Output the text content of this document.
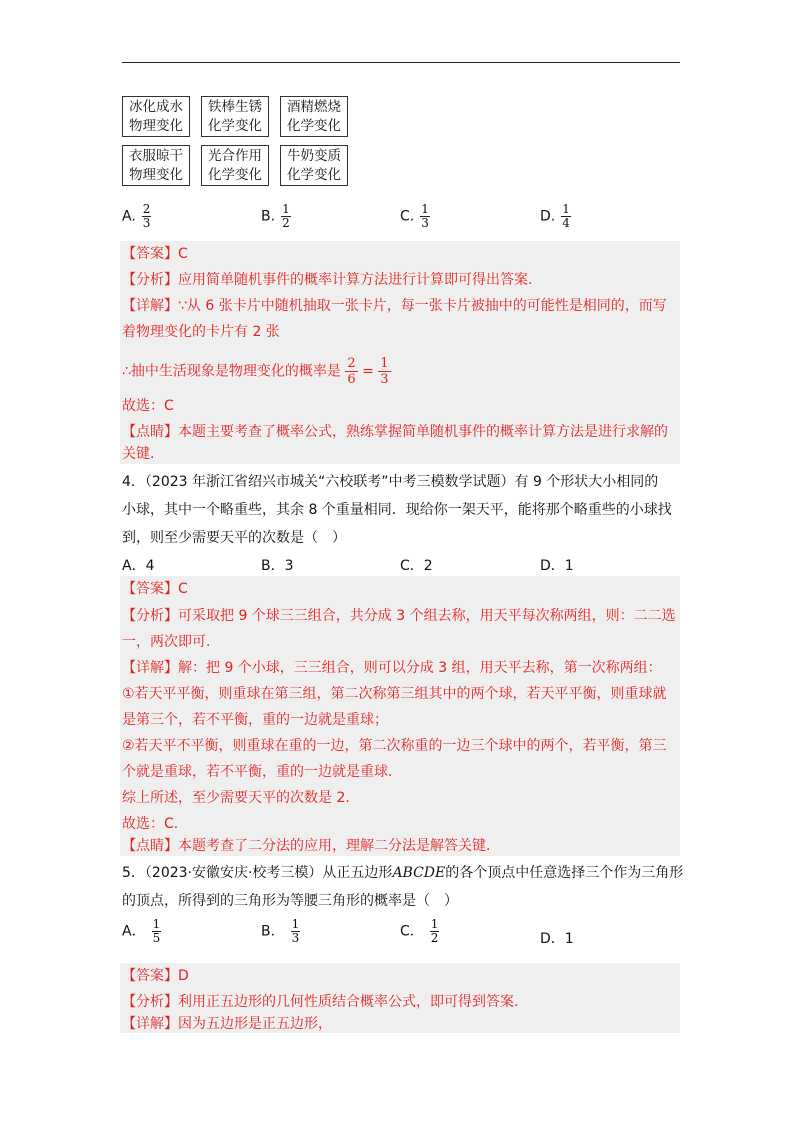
冰化成水
物理变化
铁棒生锈
化学变化
酒精燃烧
化学变化
衣服晾干
物理变化
光合作用
化学变化
牛奶变质
化学变化
A. $\frac{2}{3}$	B. $\frac{1}{2}$	C. $\frac{1}{3}$	D. $\frac{1}{4}$
【答案】C
【分析】应用简单随机事件的概率计算方法进行计算即可得出答案.
【详解】∵从 6 张卡片中随机抽取一张卡片，每一张卡片被抽中的可能性是相同的，而写
着物理变化的卡片有 2 张
∴抽中生活现象是物理变化的概率是 $\frac{2}{6} = \frac{1}{3}$
故选：C
【点睛】本题主要考查了概率公式，熟练掌握简单随机事件的概率计算方法是进行求解的
关键.
4．（2023 年浙江省绍兴市城关“六校联考”中考三模数学试题）有 9 个形状大小相同的
小球，其中一个略重些，其余 8 个重量相同．现给你一架天平，能将那个略重些的小球找
到，则至少需要天平的次数是（　）
A．4	B．3	C．2	D．1
【答案】C
【分析】可采取把 9 个球三三组合，共分成 3 个组去称，用天平每次称两组，则：二二选
一，两次即可.
【详解】解：把 9 个小球，三三组合，则可以分成 3 组，用天平去称，第一次称两组：
①若天平平衡，则重球在第三组，第二次称第三组其中的两个球，若天平平衡，则重球就
是第三个，若不平衡，重的一边就是重球；
②若天平不平衡，则重球在重的一边，第二次称重的一边三个球中的两个，若平衡，第三
个就是重球，若不平衡，重的一边就是重球.
综上所述，至少需要天平的次数是 2.
故选：C.
【点睛】本题考查了二分法的应用，理解二分法是解答关键.
5．（2023·安徽安庆·校考三模）从正五边形ABCDE的各个顶点中任意选择三个作为三角形
的顶点，所得到的三角形为等腰三角形的概率是（　）
A． $\frac{1}{5}$	B． $\frac{1}{3}$	C． $\frac{1}{2}$	D．1
【答案】D
【分析】利用正五边形的几何性质结合概率公式，即可得到答案.
【详解】因为五边形是正五边形，
